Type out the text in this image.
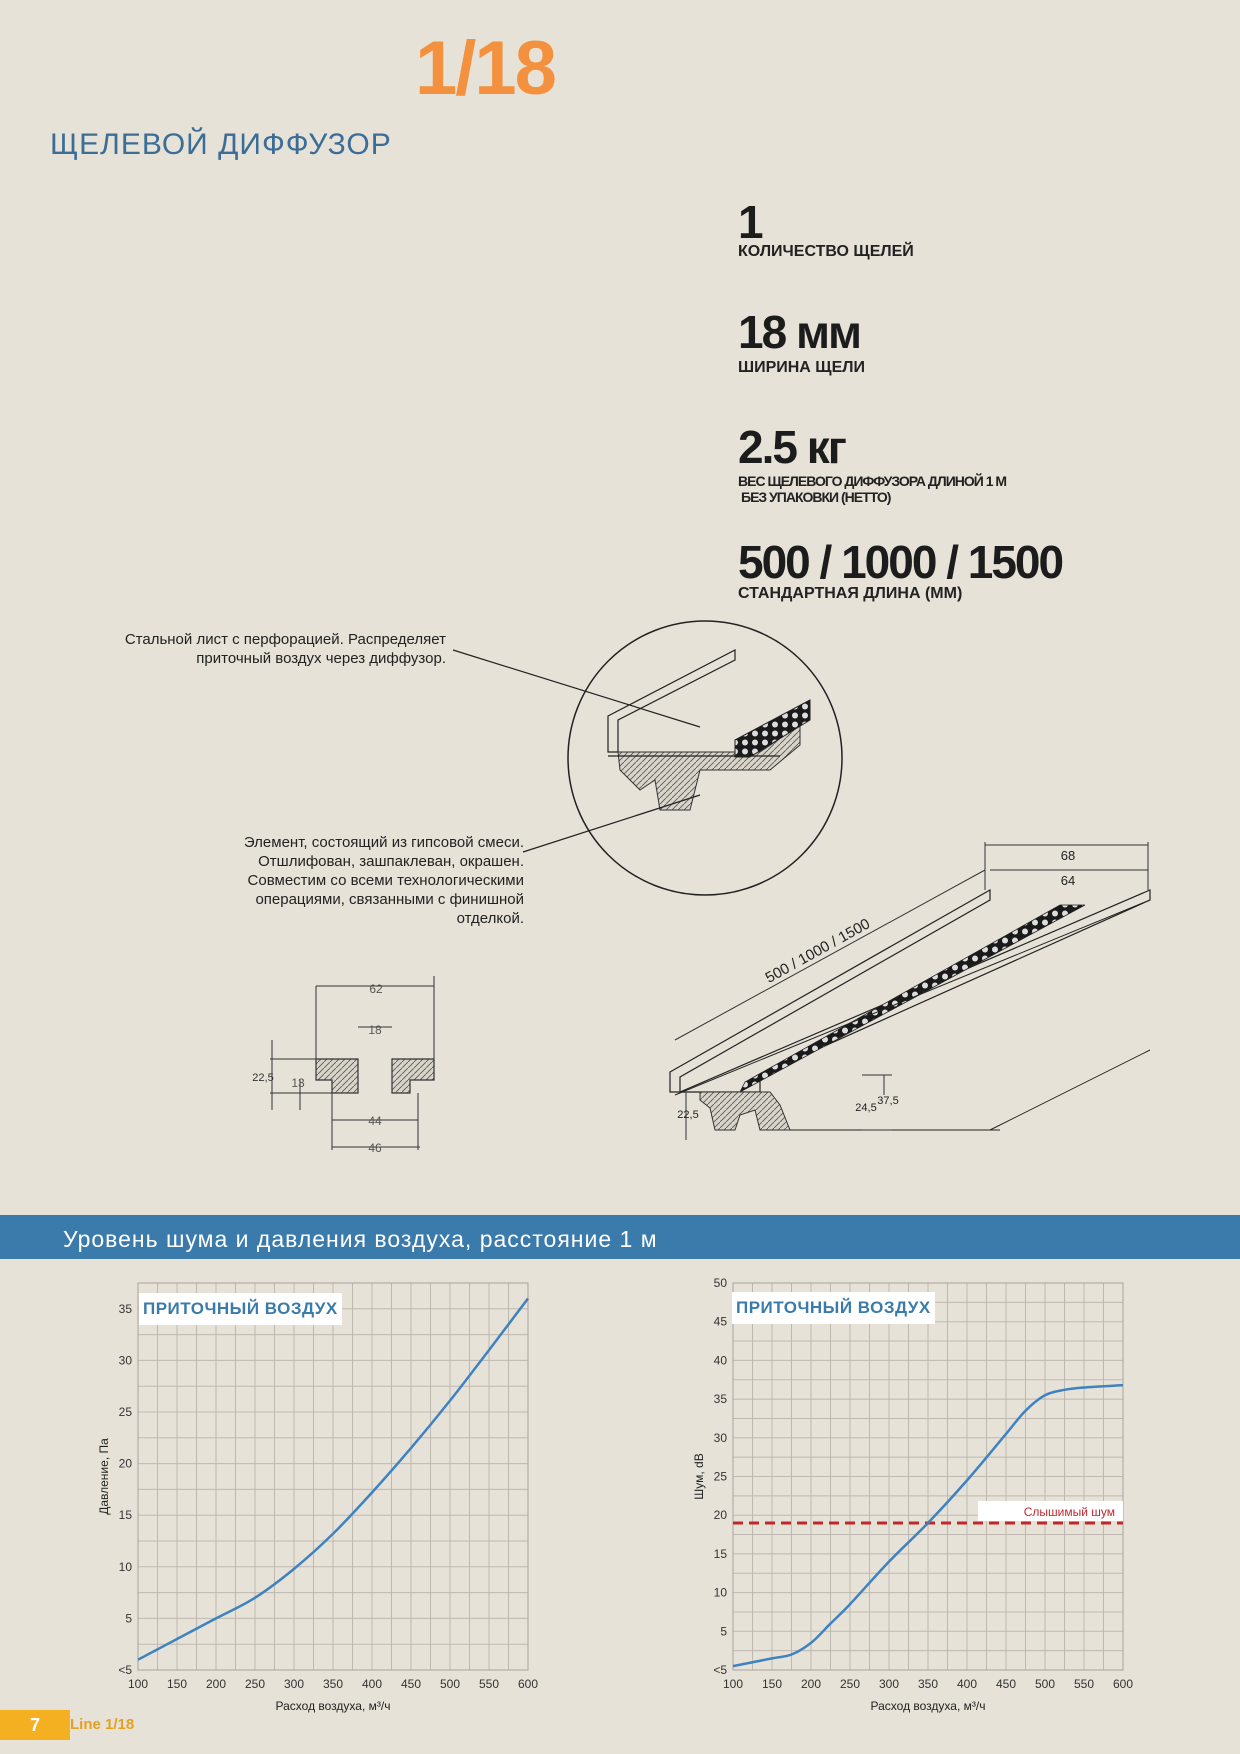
1/18
ЩЕЛЕВОЙ ДИФФУЗОР
1
КОЛИЧЕСТВО ЩЕЛЕЙ
18 мм
ШИРИНА ЩЕЛИ
2.5 кг
ВЕС ЩЕЛЕВОГО ДИФФУЗОРА ДЛИНОЙ 1 М
БЕЗ УПАКОВКИ (НЕТТО)
500 / 1000 / 1500
СТАНДАРТНАЯ ДЛИНА (ММ)
Стальной лист с перфорацией. Распределяет
приточный воздух через диффузор.
Элемент, состоящий из гипсовой смеси.
Отшлифован, зашпаклеван, окрашен.
Совместим со всеми технологическими
операциями, связанными с финишной
отделкой.
62
18
22,5 13
44
46
68
64
500 / 1000 / 1500
22,5
24,5
37,5
Уровень шума и давления воздуха, расстояние 1 м
100 150 200 250 300 350 400 450 500 550 600
<5
5
10
15
20
25
30
35
Расход воздуха, м³/ч
Давление, Па
ПРИТОЧНЫЙ ВОЗДУХ
100 150 200 250 300 350 400 450 500 550 600
<5
5
10
15
20
25
30
35
40
45
50
Расход воздуха, м³/ч
Шум, dB
Слышимый шум
ПРИТОЧНЫЙ ВОЗДУХ
7	Line 1/18
